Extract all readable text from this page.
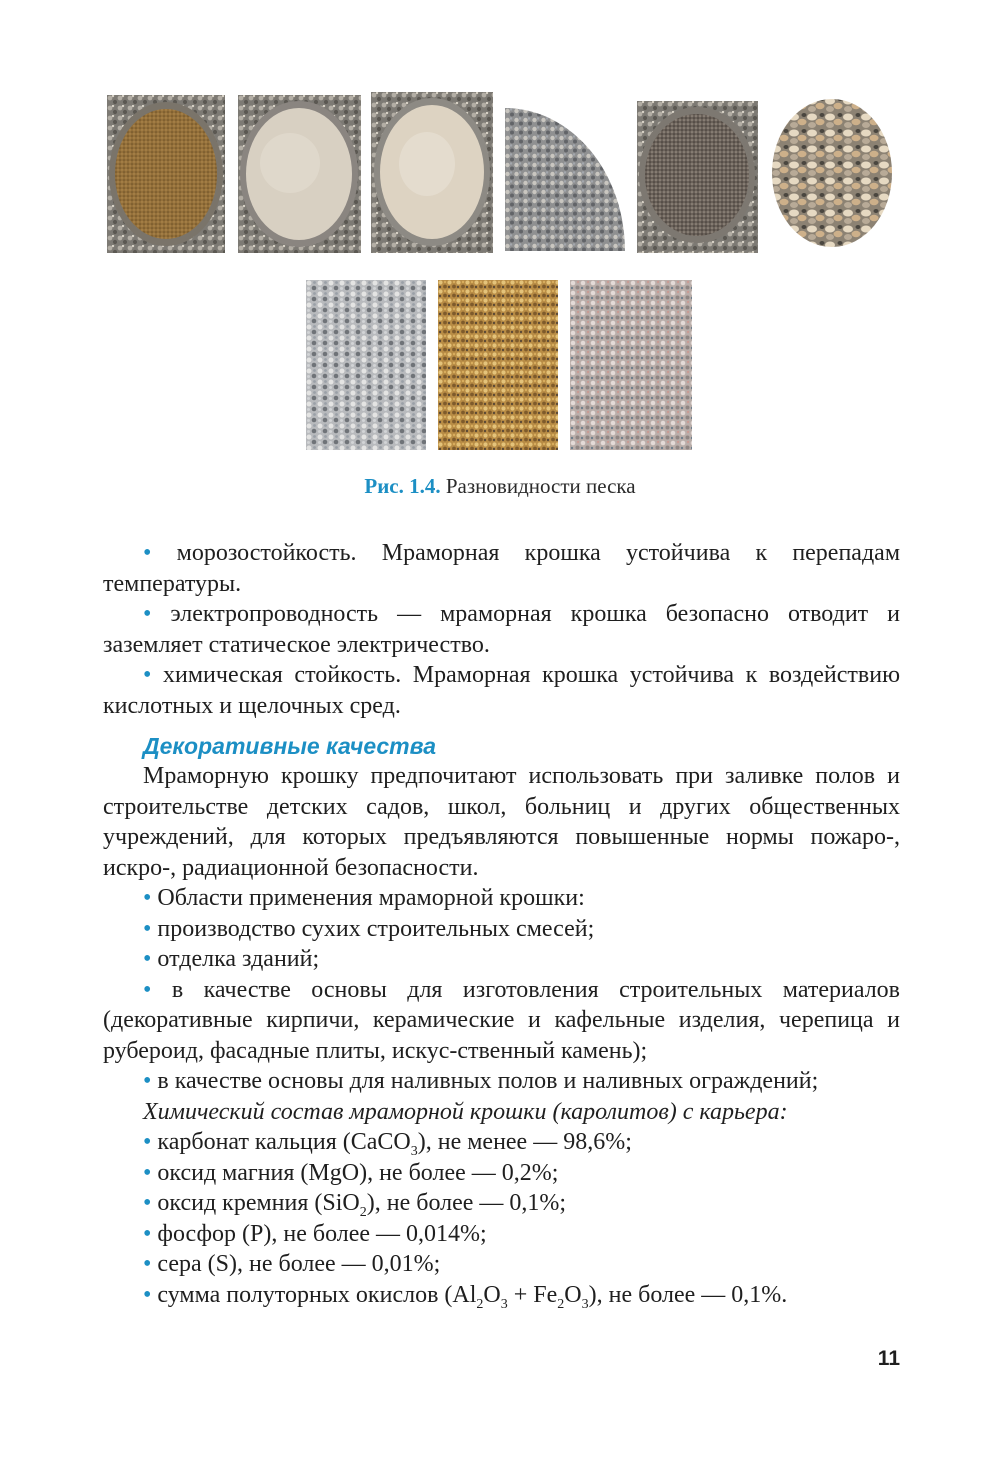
Рис. 1.4. Разновидности песка

• морозостойкость. Мраморная крошка устойчива к перепадам температуры.

• электропроводность — мраморная крошка безопасно отводит и заземляет статическое электричество.

• химическая стойкость. Мраморная крошка устойчива к воздействию кислотных и щелочных сред.

Декоративные качества

Мраморную крошку предпочитают использовать при заливке полов и строительстве детских садов, школ, больниц и других общественных учреждений, для которых предъявляются повышенные нормы пожаро-, искро-, радиационной безопасности.

• Области применения мраморной крошки:

• производство сухих строительных смесей;

• отделка зданий;

• в качестве основы для изготовления строительных материалов (декоративные кирпичи, керамические и кафельные изделия, черепица и рубероид, фасадные плиты, искус-ственный камень);

• в качестве основы для наливных полов и наливных ограждений;

Химический состав мраморной крошки (каролитов) с карьера:

• карбонат кальция (CaCO$_3$), не менее — 98,6%;

• оксид магния (MgO), не более — 0,2%;

• оксид кремния (SiO$_2$), не более — 0,1%;

• фосфор (P), не более — 0,014%;

• сера (S), не более — 0,01%;

• сумма полуторных окислов $(Al_2O_3 + Fe_2O_3)$, не более — 0,1%.

11
